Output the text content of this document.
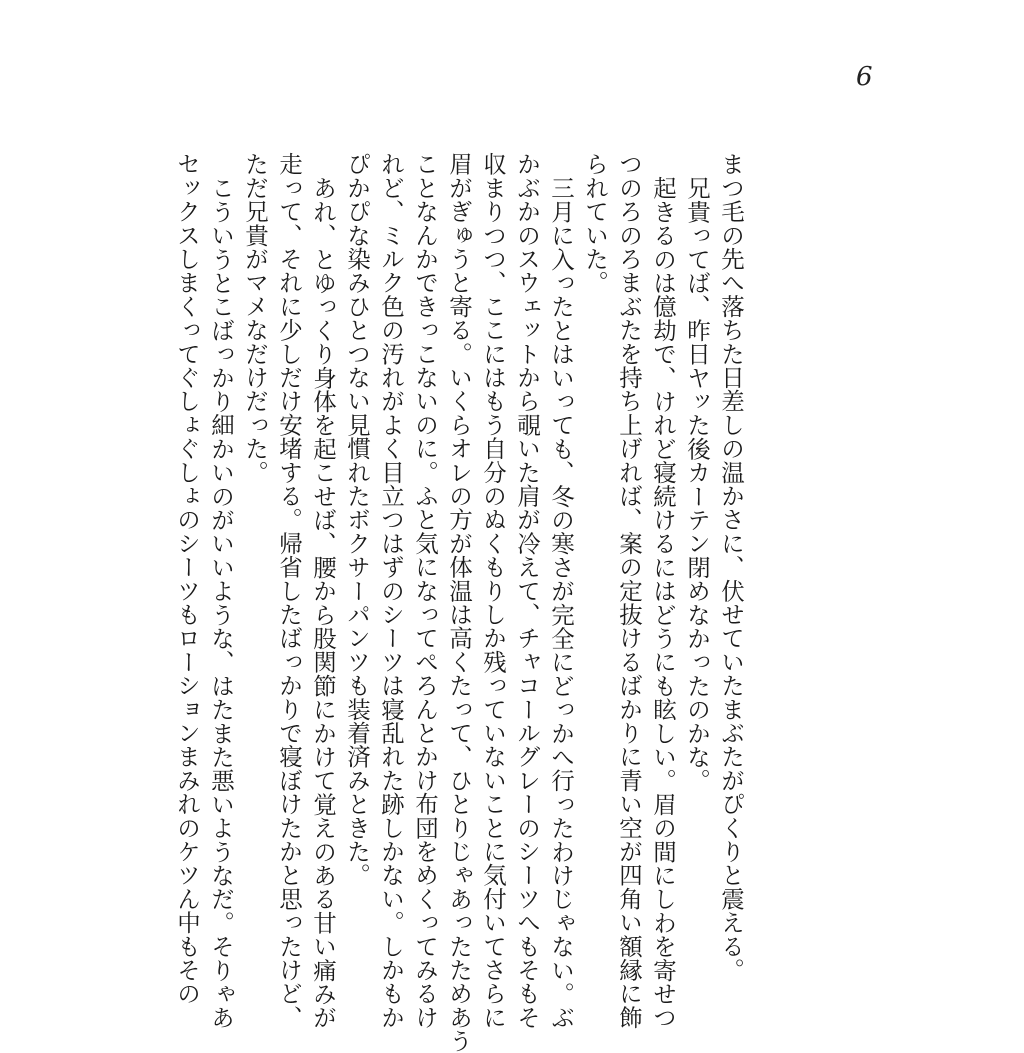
6
まつ毛の先へ落ちた日差しの温かさに、伏せていたまぶたがぴくりと震える。
兄貴ってば、昨日ヤッた後カーテン閉めなかったのかな。
起きるのは億劫で、けれど寝続けるにはどうにも眩しい。眉の間にしわを寄せつ
つのろのろまぶたを持ち上げれば、案の定抜けるばかりに青い空が四角い額縁に飾
られていた。
三月に入ったとはいっても、冬の寒さが完全にどっかへ行ったわけじゃない。ぶ
かぶかのスウェットから覗いた肩が冷えて、チャコールグレーのシーツへもそもそ
収まりつつ、ここにはもう自分のぬくもりしか残っていないことに気付いてさらに
眉がぎゅうと寄る。いくらオレの方が体温は高くたって、ひとりじゃあったためあう
ことなんかできっこないのに。ふと気になってぺろんとかけ布団をめくってみるけ
れど、ミルク色の汚れがよく目立つはずのシーツは寝乱れた跡しかない。しかもか
ぴかぴな染みひとつない見慣れたボクサーパンツも装着済みときた。
あれ、とゆっくり身体を起こせば、腰から股関節にかけて覚えのある甘い痛みが
走って、それに少しだけ安堵する。帰省したばっかりで寝ぼけたかと思ったけど、
ただ兄貴がマメなだけだった。
こういうとこばっかり細かいのがいいような、はたまた悪いようなだ。そりゃあ
セックスしまくってぐしょぐしょのシーツもローションまみれのケツん中もその
